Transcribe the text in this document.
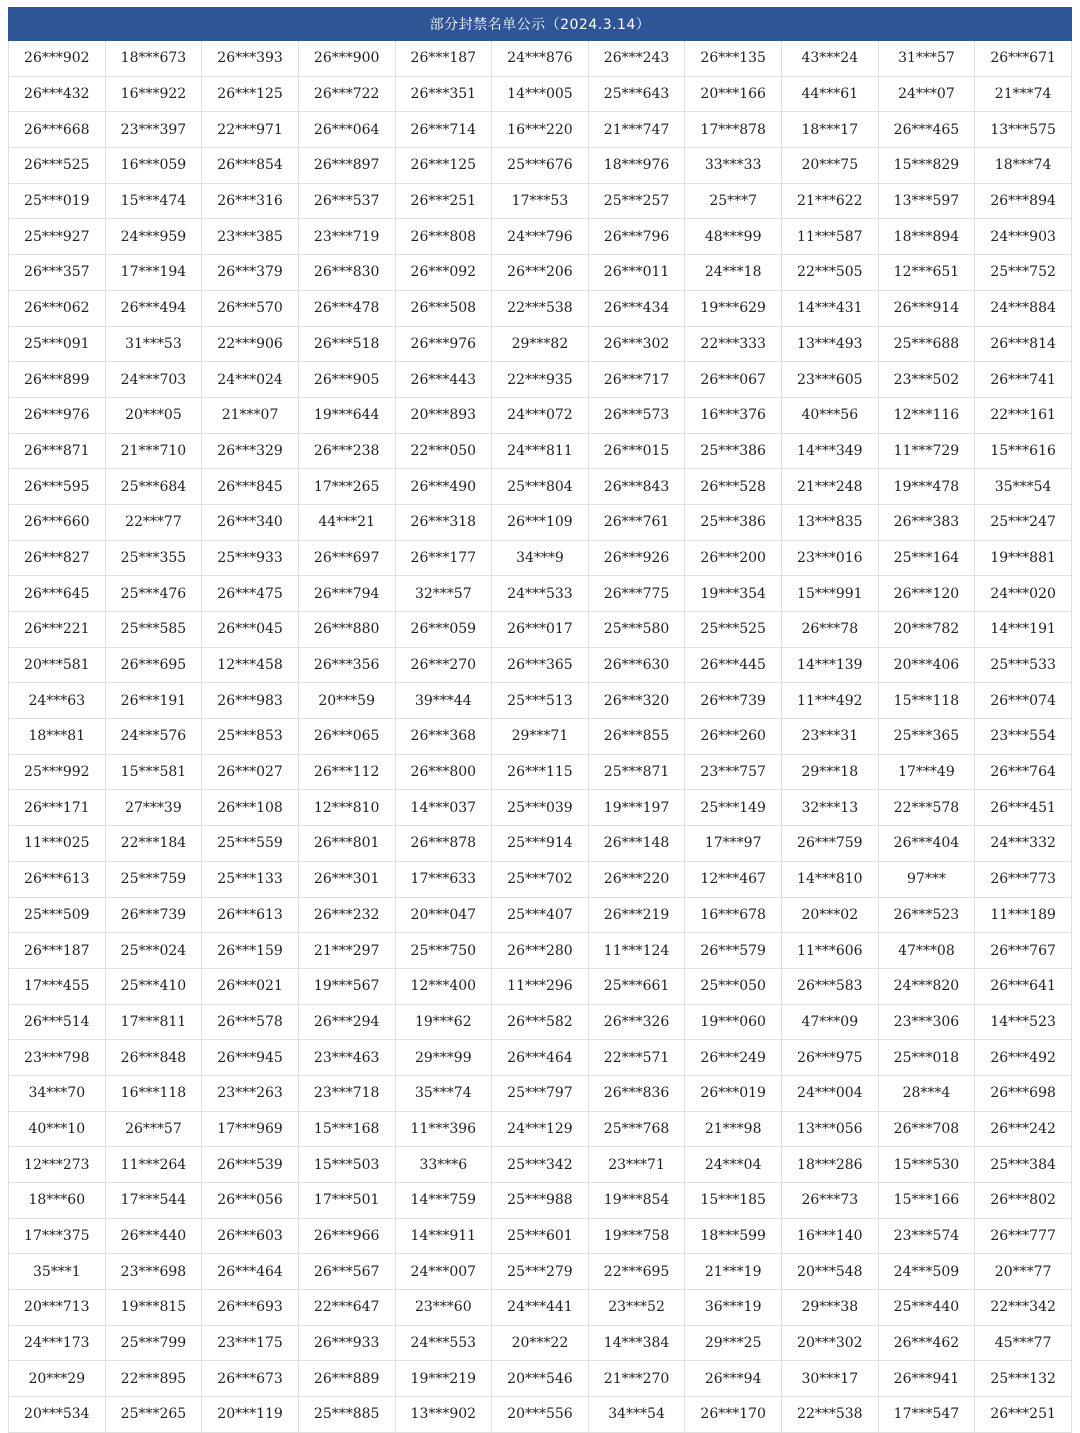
部分封禁名单公示（2024.3.14）
26***902	18***673	26***393	26***900	26***187	24***876	26***243	26***135	43***24	31***57	26***671
26***432	16***922	26***125	26***722	26***351	14***005	25***643	20***166	44***61	24***07	21***74
26***668	23***397	22***971	26***064	26***714	16***220	21***747	17***878	18***17	26***465	13***575
26***525	16***059	26***854	26***897	26***125	25***676	18***976	33***33	20***75	15***829	18***74
25***019	15***474	26***316	26***537	26***251	17***53	25***257	25***7	21***622	13***597	26***894
25***927	24***959	23***385	23***719	26***808	24***796	26***796	48***99	11***587	18***894	24***903
26***357	17***194	26***379	26***830	26***092	26***206	26***011	24***18	22***505	12***651	25***752
26***062	26***494	26***570	26***478	26***508	22***538	26***434	19***629	14***431	26***914	24***884
25***091	31***53	22***906	26***518	26***976	29***82	26***302	22***333	13***493	25***688	26***814
26***899	24***703	24***024	26***905	26***443	22***935	26***717	26***067	23***605	23***502	26***741
26***976	20***05	21***07	19***644	20***893	24***072	26***573	16***376	40***56	12***116	22***161
26***871	21***710	26***329	26***238	22***050	24***811	26***015	25***386	14***349	11***729	15***616
26***595	25***684	26***845	17***265	26***490	25***804	26***843	26***528	21***248	19***478	35***54
26***660	22***77	26***340	44***21	26***318	26***109	26***761	25***386	13***835	26***383	25***247
26***827	25***355	25***933	26***697	26***177	34***9	26***926	26***200	23***016	25***164	19***881
26***645	25***476	26***475	26***794	32***57	24***533	26***775	19***354	15***991	26***120	24***020
26***221	25***585	26***045	26***880	26***059	26***017	25***580	25***525	26***78	20***782	14***191
20***581	26***695	12***458	26***356	26***270	26***365	26***630	26***445	14***139	20***406	25***533
24***63	26***191	26***983	20***59	39***44	25***513	26***320	26***739	11***492	15***118	26***074
18***81	24***576	25***853	26***065	26***368	29***71	26***855	26***260	23***31	25***365	23***554
25***992	15***581	26***027	26***112	26***800	26***115	25***871	23***757	29***18	17***49	26***764
26***171	27***39	26***108	12***810	14***037	25***039	19***197	25***149	32***13	22***578	26***451
11***025	22***184	25***559	26***801	26***878	25***914	26***148	17***97	26***759	26***404	24***332
26***613	25***759	25***133	26***301	17***633	25***702	26***220	12***467	14***810	97***	26***773
25***509	26***739	26***613	26***232	20***047	25***407	26***219	16***678	20***02	26***523	11***189
26***187	25***024	26***159	21***297	25***750	26***280	11***124	26***579	11***606	47***08	26***767
17***455	25***410	26***021	19***567	12***400	11***296	25***661	25***050	26***583	24***820	26***641
26***514	17***811	26***578	26***294	19***62	26***582	26***326	19***060	47***09	23***306	14***523
23***798	26***848	26***945	23***463	29***99	26***464	22***571	26***249	26***975	25***018	26***492
34***70	16***118	23***263	23***718	35***74	25***797	26***836	26***019	24***004	28***4	26***698
40***10	26***57	17***969	15***168	11***396	24***129	25***768	21***98	13***056	26***708	26***242
12***273	11***264	26***539	15***503	33***6	25***342	23***71	24***04	18***286	15***530	25***384
18***60	17***544	26***056	17***501	14***759	25***988	19***854	15***185	26***73	15***166	26***802
17***375	26***440	26***603	26***966	14***911	25***601	19***758	18***599	16***140	23***574	26***777
35***1	23***698	26***464	26***567	24***007	25***279	22***695	21***19	20***548	24***509	20***77
20***713	19***815	26***693	22***647	23***60	24***441	23***52	36***19	29***38	25***440	22***342
24***173	25***799	23***175	26***933	24***553	20***22	14***384	29***25	20***302	26***462	45***77
20***29	22***895	26***673	26***889	19***219	20***546	21***270	26***94	30***17	26***941	25***132
20***534	25***265	20***119	25***885	13***902	20***556	34***54	26***170	22***538	17***547	26***251
